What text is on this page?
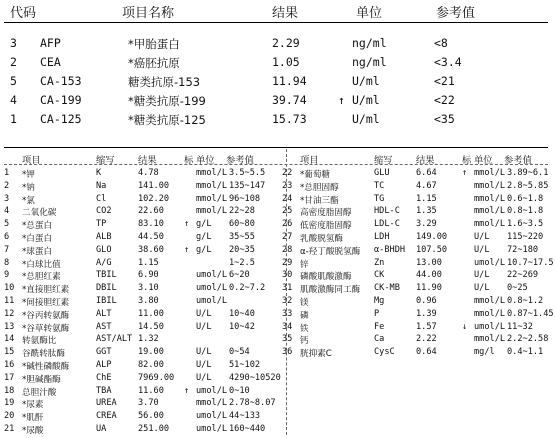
代码	项目名称	结果	单位	参考值
3 AFP	*甲胎蛋白	2.29	ng/ml	<8
2 CEA	*癌胚抗原	1.05	ng/ml	<3.4
5 CA-153	糖类抗原-153	11.94	U/ml	<21
4 CA-199	*糖类抗原-199	39.74	↑ U/ml	<22
1 CA-125	*糖类抗原-125	15.73	U/ml	<35
项目	缩写	结果	标 单位 参考值	项目	缩写	结果	标 单位 参考值
1 *钾	K	4.78	mmol/L 3.5~5.5
2 *钠	Na	141.00	mmol/L 135~147
3 *氯	Cl	102.20	mmol/L 96~108
4 二氧化碳	CO2	22.60	mmol/L 22~28
5 *总蛋白	TP	83.10 ↑ g/L 60~80
6 *白蛋白	ALB	44.50	g/L 35~55
7 *球蛋白	GLO	38.60 ↑ g/L 20~35
8 *白球比值	A/G	1.15	1~2.5
9 *总胆红素	TBIL 6.90	umol/L 6~20
10 *直接胆红素	DBIL 3.10	umol/L 0.2~7.2
11 *间接胆红素	IBIL 3.80	umol/L
12 *谷丙转氨酶	ALT	11.00	U/L 10~40
13 *谷草转氨酶	AST	14.50	U/L 10~42
14 转氨酶比	AST/ALT 1.32
15 谷酰转肽酶	GGT	19.00	U/L 0~54
16 *碱性磷酸酶	ALP	82.00	U/L 51~102
17 *胆碱酯酶	ChE	7969.00	U/L 4290~10520
18 总胆汁酸	TBA	11.60 ↑ umol/L 0~10
19 *尿素	UREA 3.70	mmol/L 2.78~8.07
20 *肌酐	CREA 56.00	umol/L 44~133
21 *尿酸	UA	251.00	umol/L 160~440
22 *葡萄糖	GLU	6.64	↑ mmol/L 3.89~6.1
23 *总胆固醇	TC	4.67	mmol/L 2.8~5.85
24 *甘油三酯	TG	1.15	mmol/L 0.6~1.8
25 高密度脂固醇	HDL-C 1.35	mmol/L 0.8~1.8
26 低密度脂固醇	LDL-C 3.29	mmol/L 1.6~3.5
27 乳酸脱氢酶	LDH	149.00	U/L 115~220
28 α-羟丁酸脱氢酶 α-BHDH 107.50	U/L 72~180
29 锌	Zn	13.00	umol/L 10.7~17.5
30 磷酸肌酸激酶	CK	44.00	U/L 22~269
31 肌酸激酶同工酶 CK-MB 11.90	U/L 0~25
32 镁	Mg	0.96	mmol/L 0.8~1.2
33 磷	P	1.39	mmol/L 0.87~1.45
34 铁	Fe	1.57	↓ umol/L 11~32
35 钙	Ca	2.22	mmol/L 2.2~2.58
36 胱抑素C	CysC 0.64	mg/l 0.4~1.1
